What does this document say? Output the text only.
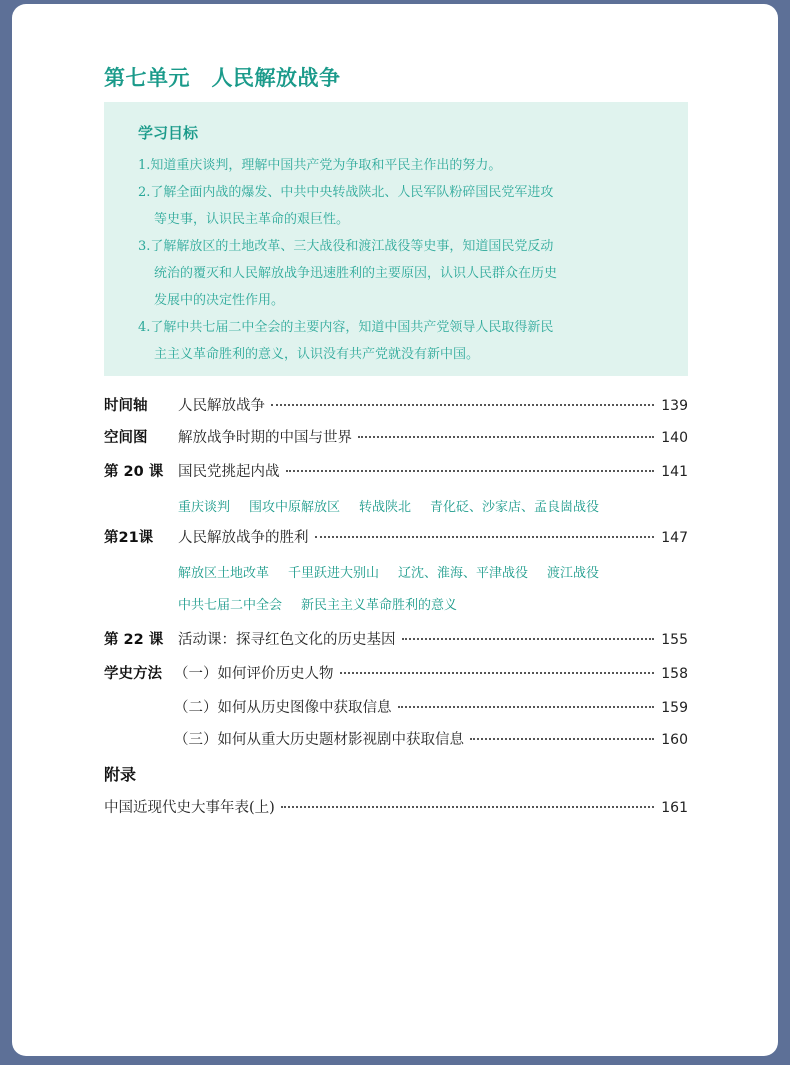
第七单元　人民解放战争
学习目标
1.知道重庆谈判，理解中国共产党为争取和平民主作出的努力。
2.了解全面内战的爆发、中共中央转战陕北、人民军队粉碎国民党军进攻
等史事，认识民主革命的艰巨性。
3.了解解放区的土地改革、三大战役和渡江战役等史事，知道国民党反动
统治的覆灭和人民解放战争迅速胜利的主要原因，认识人民群众在历史
发展中的决定性作用。
4.了解中共七届二中全会的主要内容，知道中国共产党领导人民取得新民
主主义革命胜利的意义，认识没有共产党就没有新中国。
时间轴	人民解放战争	139
空间图	解放战争时期的中国与世界	140
第 20 课	国民党挑起内战	141
重庆谈判 围攻中原解放区 转战陕北 青化砭、沙家店、孟良崮战役
第21课	人民解放战争的胜利	147
解放区土地改革 千里跃进大别山 辽沈、淮海、平津战役 渡江战役
中共七届二中全会 新民主主义革命胜利的意义
第 22 课	活动课：探寻红色文化的历史基因	155
学史方法 （一）如何评价历史人物	158
（二）如何从历史图像中获取信息	159
（三）如何从重大历史题材影视剧中获取信息	160
附录
中国近现代史大事年表(上)	161
